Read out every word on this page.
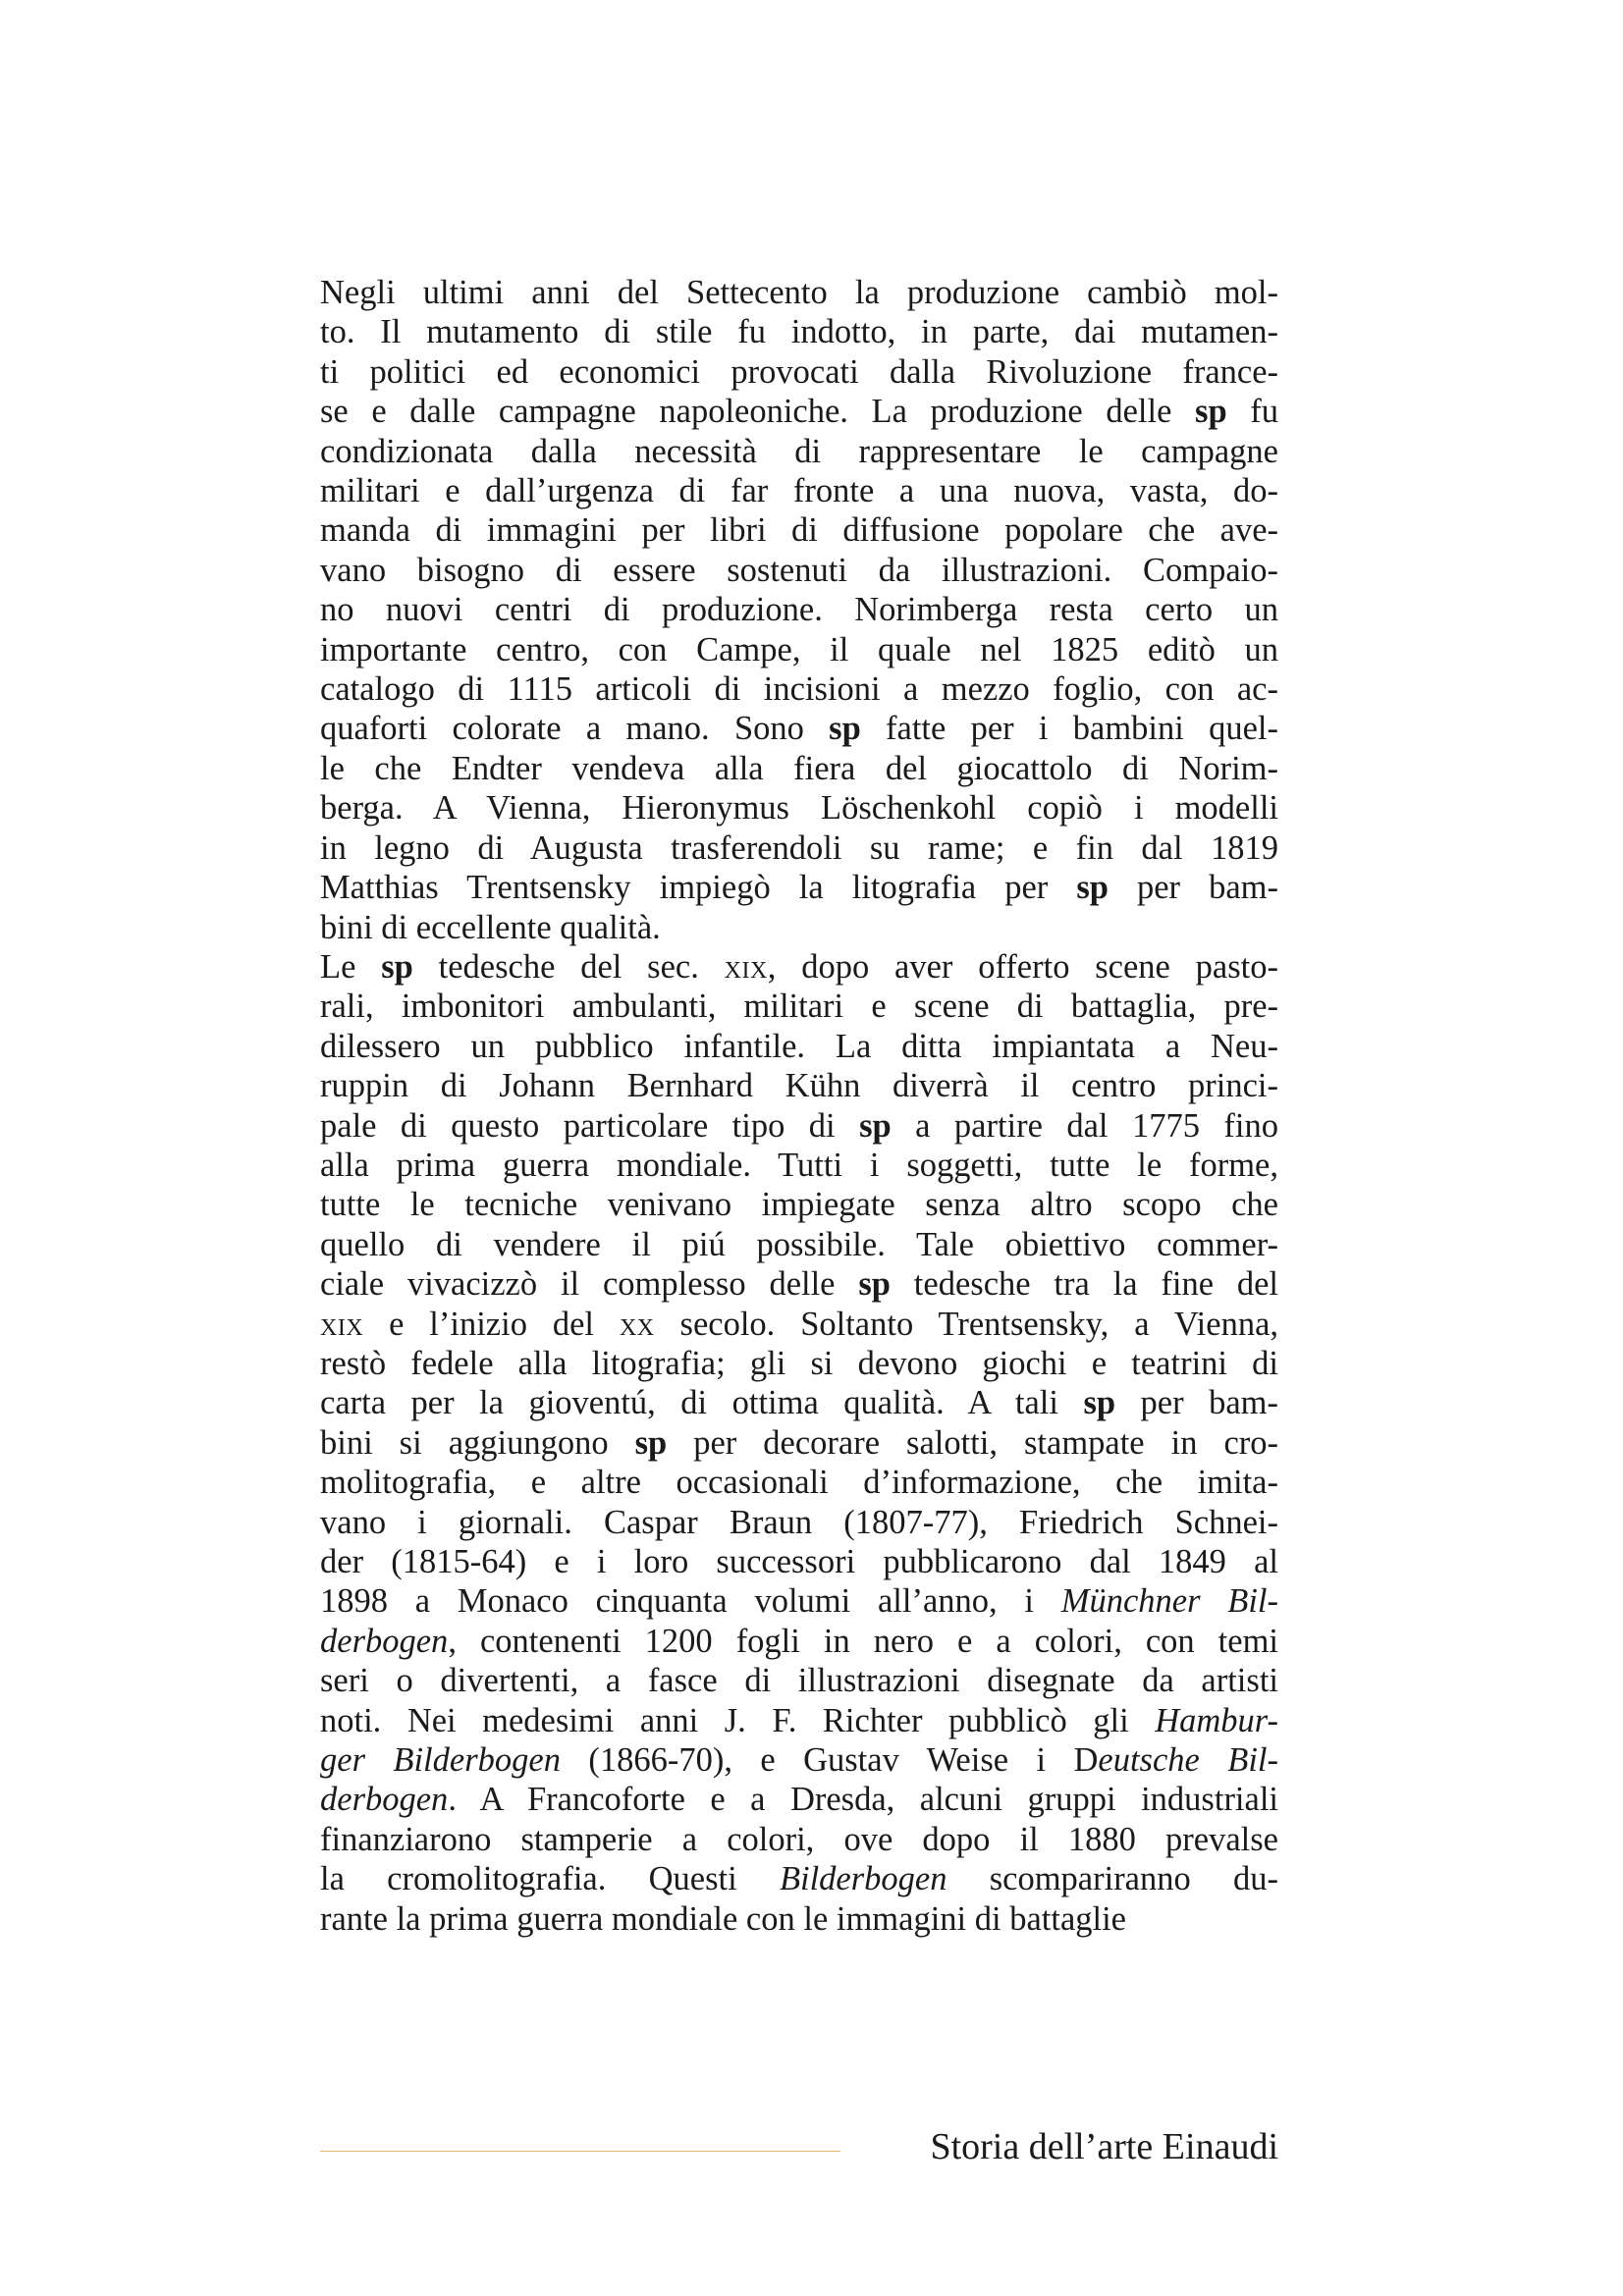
Negli ultimi anni del Settecento la produzione cambiò mol-
to. Il mutamento di stile fu indotto, in parte, dai mutamen-
ti politici ed economici provocati dalla Rivoluzione france-
se e dalle campagne napoleoniche. La produzione delle sp fu
condizionata dalla necessità di rappresentare le campagne
militari e dall’urgenza di far fronte a una nuova, vasta, do-
manda di immagini per libri di diffusione popolare che ave-
vano bisogno di essere sostenuti da illustrazioni. Compaio-
no nuovi centri di produzione. Norimberga resta certo un
importante centro, con Campe, il quale nel 1825 editò un
catalogo di 1115 articoli di incisioni a mezzo foglio, con ac-
quaforti colorate a mano. Sono sp fatte per i bambini quel-
le che Endter vendeva alla fiera del giocattolo di Norim-
berga. A Vienna, Hieronymus Löschenkohl copiò i modelli
in legno di Augusta trasferendoli su rame; e fin dal 1819
Matthias Trentsensky impiegò la litografia per sp per bam-
bini di eccellente qualità.
Le sp tedesche del sec. xix, dopo aver offerto scene pasto-
rali, imbonitori ambulanti, militari e scene di battaglia, pre-
dilessero un pubblico infantile. La ditta impiantata a Neu-
ruppin di Johann Bernhard Kühn diverrà il centro princi-
pale di questo particolare tipo di sp a partire dal 1775 fino
alla prima guerra mondiale. Tutti i soggetti, tutte le forme,
tutte le tecniche venivano impiegate senza altro scopo che
quello di vendere il piú possibile. Tale obiettivo commer-
ciale vivacizzò il complesso delle sp tedesche tra la fine del
xix e l’inizio del xx secolo. Soltanto Trentsensky, a Vienna,
restò fedele alla litografia; gli si devono giochi e teatrini di
carta per la gioventú, di ottima qualità. A tali sp per bam-
bini si aggiungono sp per decorare salotti, stampate in cro-
molitografia, e altre occasionali d’informazione, che imita-
vano i giornali. Caspar Braun (1807-77), Friedrich Schnei-
der (1815-64) e i loro successori pubblicarono dal 1849 al
1898 a Monaco cinquanta volumi all’anno, i Münchner Bil-
derbogen, contenenti 1200 fogli in nero e a colori, con temi
seri o divertenti, a fasce di illustrazioni disegnate da artisti
noti. Nei medesimi anni J. F. Richter pubblicò gli Hambur-
ger Bilderbogen (1866-70), e Gustav Weise i Deutsche Bil-
derbogen. A Francoforte e a Dresda, alcuni gruppi industriali
finanziarono stamperie a colori, ove dopo il 1880 prevalse
la cromolitografia. Questi Bilderbogen scompariranno du-
rante la prima guerra mondiale con le immagini di battaglie
Storia dell’arte Einaudi
